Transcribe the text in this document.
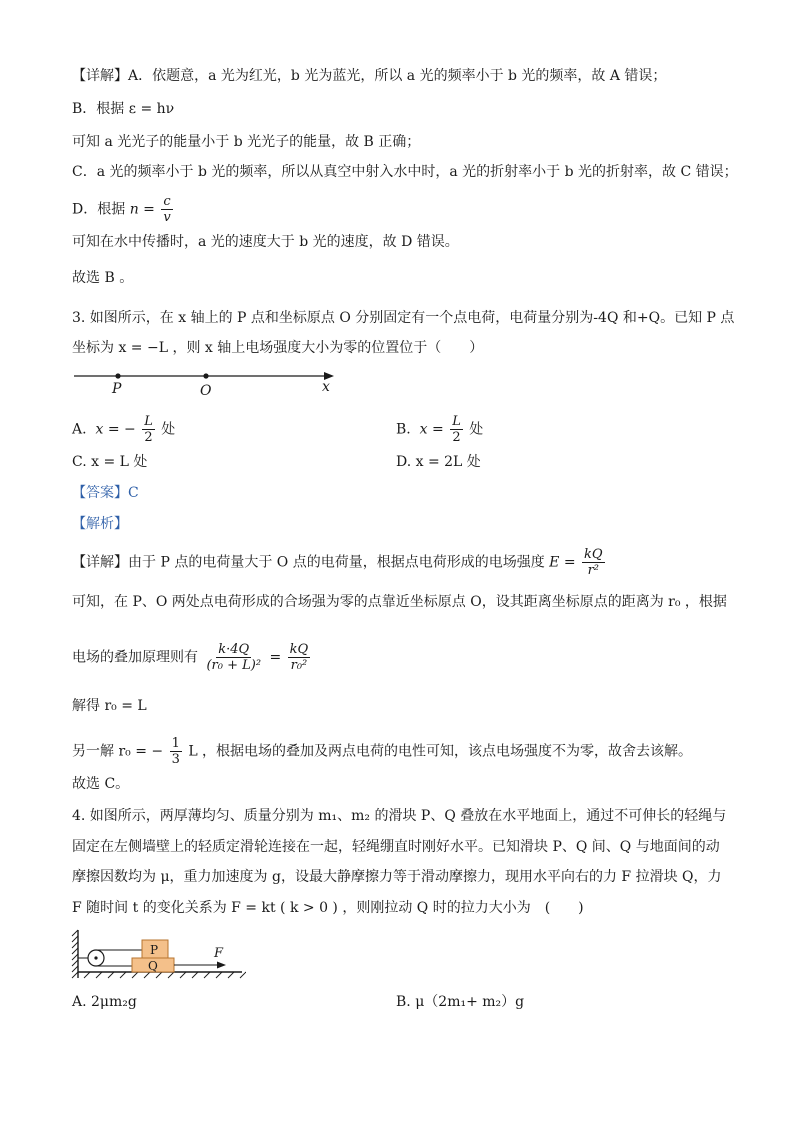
【详解】A．依题意，a 光为红光，b 光为蓝光，所以 a 光的频率小于 b 光的频率，故 A 错误；
B．根据 ε = hν
可知 a 光光子的能量小于 b 光光子的能量，故 B 正确；
C．a 光的频率小于 b 光的频率，所以从真空中射入水中时，a 光的折射率小于 b 光的折射率，故 C 错误；
D．根据 $n = \frac{c}{v}$
可知在水中传播时，a 光的速度大于 b 光的速度，故 D 错误。
故选 B 。
3. 如图所示，在 x 轴上的 P 点和坐标原点 O 分别固定有一个点电荷，电荷量分别为-4Q 和+Q。已知 P 点
坐标为 x = −L ，则 x 轴上电场强度大小为零的位置位于（　　）
P	O	x
A. x = − $\frac{L}{2}$ 处	B. $x = \frac{L}{2}$ 处
C. x = L 处	D. x = 2L 处
【答案】C
【解析】
【详解】由于 P 点的电荷量大于 O 点的电荷量，根据点电荷形成的电场强度 $E = \frac{kQ}{\text{r²}}$
可知，在 P、O 两处点电荷形成的合场强为零的点靠近坐标原点 O，设其距离坐标原点的距离为 r₀ ，根据
电场的叠加原理则有 $\frac{k\cdot 4Q}{\text{(r₀ + L)²}} = \frac{kQ}{\text{r₀²}}$
解得 r₀ = L
另一解 r₀ = − $\frac{1}{3}$ L ，根据电场的叠加及两点电荷的电性可知，该点电场强度不为零，故舍去该解。
故选 C。
4. 如图所示，两厚薄均匀、质量分别为 m₁、m₂ 的滑块 P、Q 叠放在水平地面上，通过不可伸长的轻绳与
固定在左侧墙壁上的轻质定滑轮连接在一起，轻绳绷直时刚好水平。已知滑块 P、Q 间、Q 与地面间的动
摩擦因数均为 μ，重力加速度为 g，设最大静摩擦力等于滑动摩擦力，现用水平向右的力 F 拉滑块 Q，力
F 随时间 t 的变化关系为 F = kt ( k > 0 ) ，则刚拉动 Q 时的拉力大小为　(　　)
P
Q
F
A. 2μm₂g	B. μ（2m₁+ m₂）g
